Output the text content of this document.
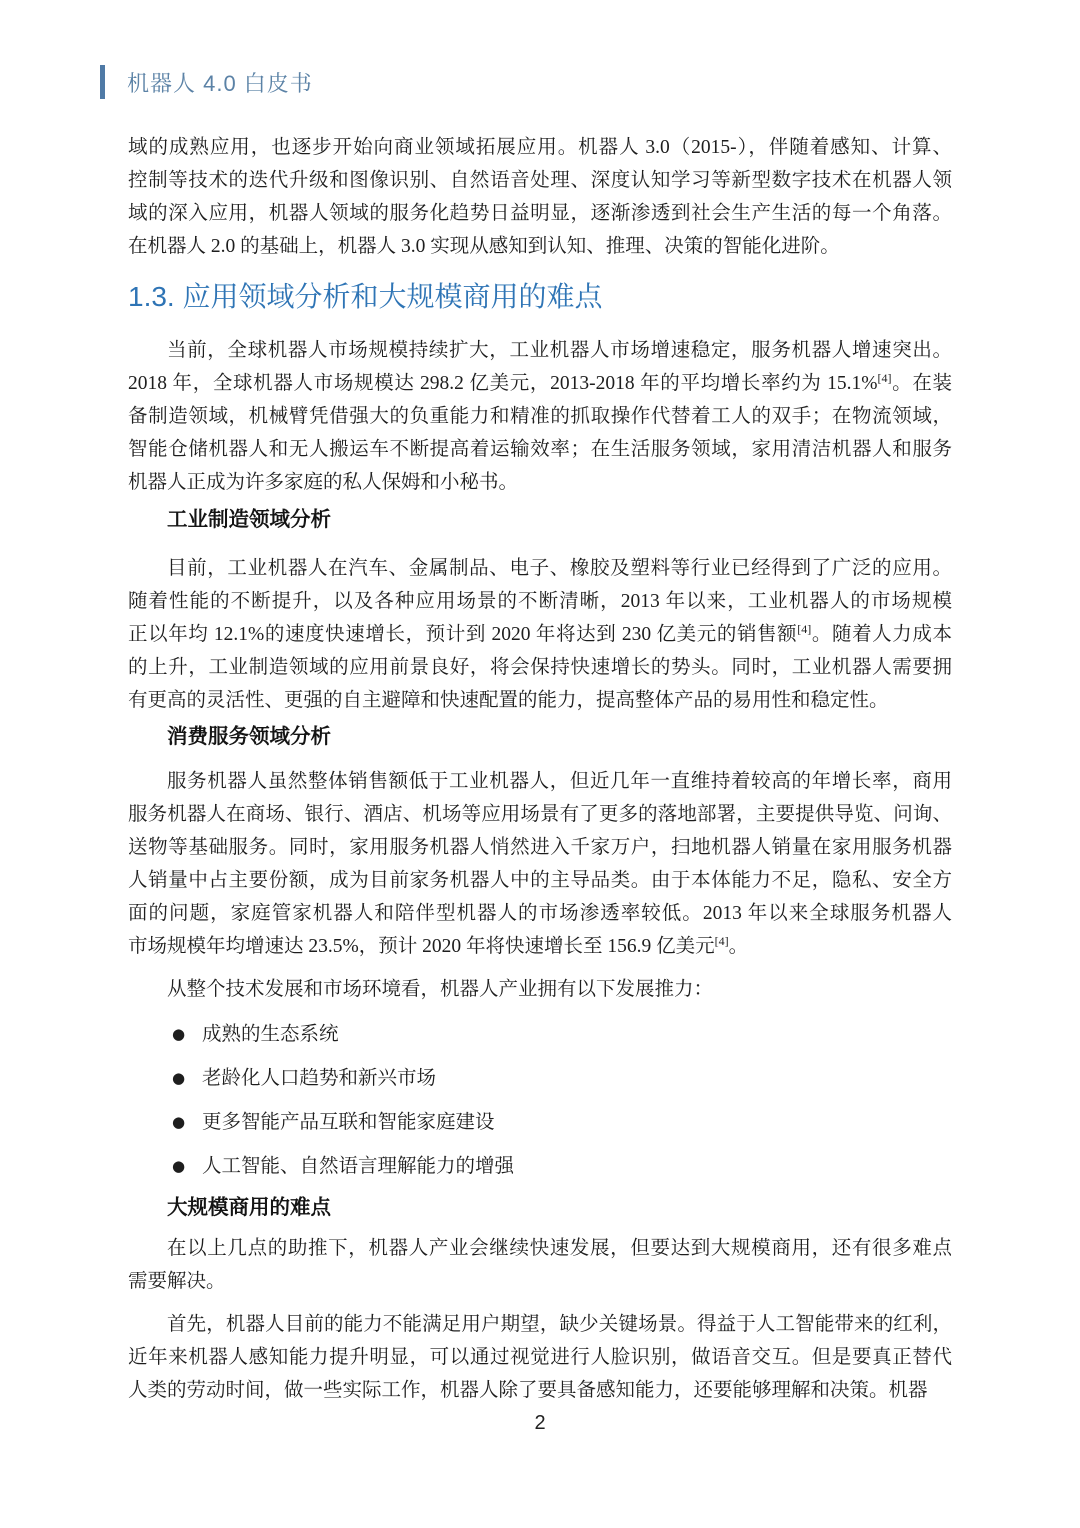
机器人 4.0 白皮书
域的成熟应用，也逐步开始向商业领域拓展应用。机器人 3.0（2015-），伴随着感知、计算、
控制等技术的迭代升级和图像识别、自然语音处理、深度认知学习等新型数字技术在机器人领
域的深入应用，机器人领域的服务化趋势日益明显，逐渐渗透到社会生产生活的每一个角落。
在机器人 2.0 的基础上，机器人 3.0 实现从感知到认知、推理、决策的智能化进阶。
1.3. 应用领域分析和大规模商用的难点
当前，全球机器人市场规模持续扩大，工业机器人市场增速稳定，服务机器人增速突出。
2018 年，全球机器人市场规模达 298.2 亿美元，2013-2018 年的平均增长率约为 15.1%[4]。在装
备制造领域，机械臂凭借强大的负重能力和精准的抓取操作代替着工人的双手；在物流领域，
智能仓储机器人和无人搬运车不断提高着运输效率；在生活服务领域，家用清洁机器人和服务
机器人正成为许多家庭的私人保姆和小秘书。
工业制造领域分析
目前，工业机器人在汽车、金属制品、电子、橡胶及塑料等行业已经得到了广泛的应用。
随着性能的不断提升，以及各种应用场景的不断清晰，2013 年以来，工业机器人的市场规模
正以年均 12.1%的速度快速增长，预计到 2020 年将达到 230 亿美元的销售额[4]。随着人力成本
的上升，工业制造领域的应用前景良好，将会保持快速增长的势头。同时，工业机器人需要拥
有更高的灵活性、更强的自主避障和快速配置的能力，提高整体产品的易用性和稳定性。
消费服务领域分析
服务机器人虽然整体销售额低于工业机器人，但近几年一直维持着较高的年增长率，商用
服务机器人在商场、银行、酒店、机场等应用场景有了更多的落地部署，主要提供导览、问询、
送物等基础服务。同时，家用服务机器人悄然进入千家万户，扫地机器人销量在家用服务机器
人销量中占主要份额，成为目前家务机器人中的主导品类。由于本体能力不足，隐私、安全方
面的问题，家庭管家机器人和陪伴型机器人的市场渗透率较低。2013 年以来全球服务机器人
市场规模年均增速达 23.5%，预计 2020 年将快速增长至 156.9 亿美元[4]。
从整个技术发展和市场环境看，机器人产业拥有以下发展推力：
● 成熟的生态系统
● 老龄化人口趋势和新兴市场
● 更多智能产品互联和智能家庭建设
● 人工智能、自然语言理解能力的增强
大规模商用的难点
在以上几点的助推下，机器人产业会继续快速发展，但要达到大规模商用，还有很多难点
需要解决。
首先，机器人目前的能力不能满足用户期望，缺少关键场景。得益于人工智能带来的红利，
近年来机器人感知能力提升明显，可以通过视觉进行人脸识别，做语音交互。但是要真正替代
人类的劳动时间，做一些实际工作，机器人除了要具备感知能力，还要能够理解和决策。机器
2
